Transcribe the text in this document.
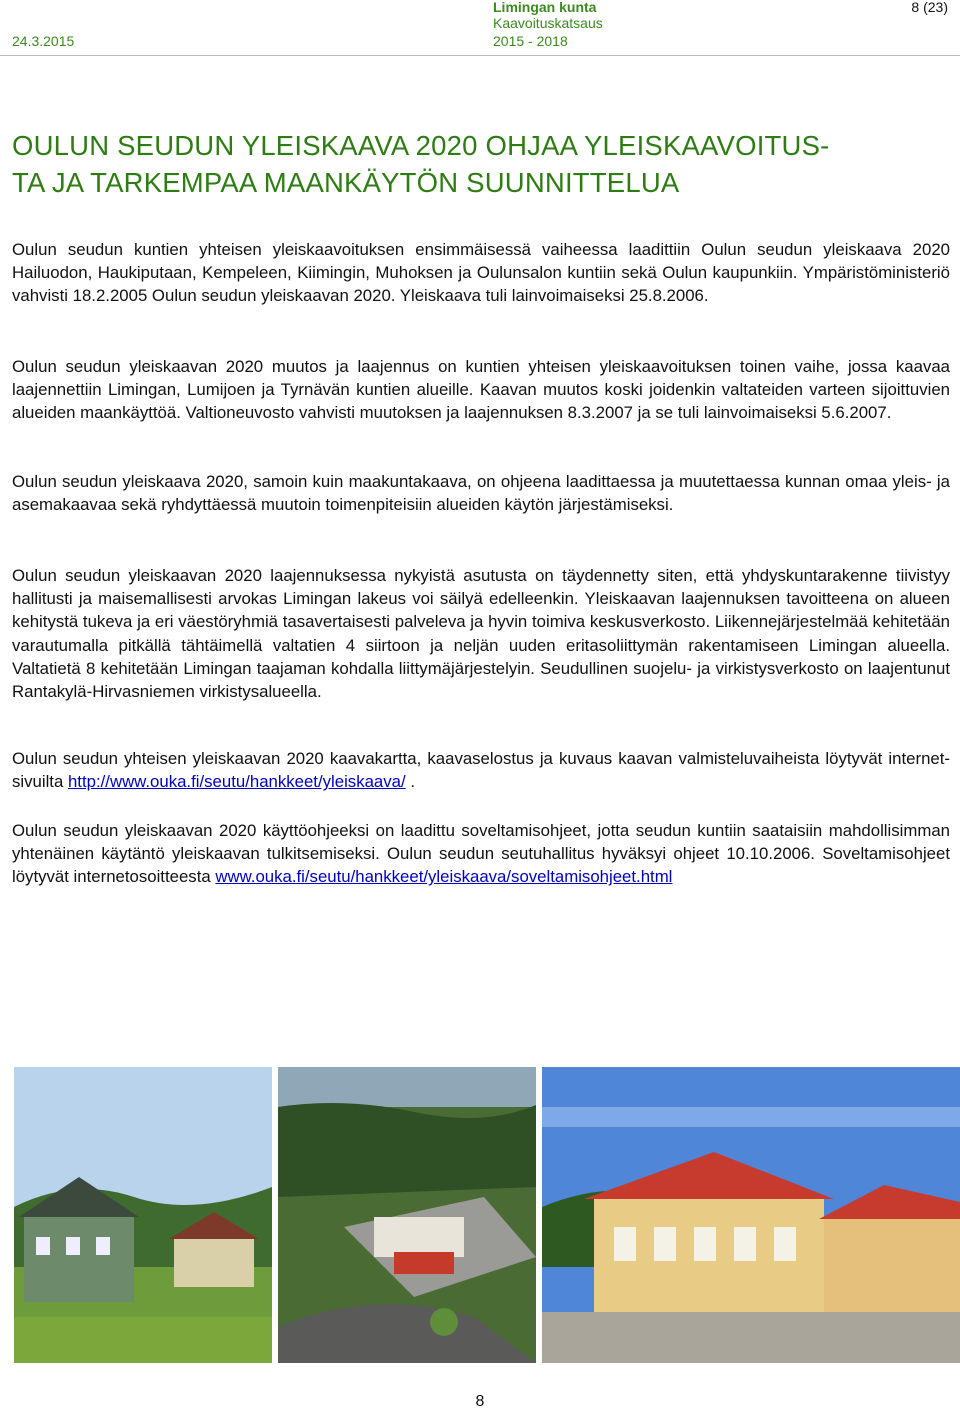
24.3.2015
Limingan kunta
Kaavoituskatsaus
2015 - 2018
8 (23)
OULUN SEUDUN YLEISKAAVA 2020 OHJAA YLEISKAAVOITUS-
TA JA TARKEMPAA MAANKÄYTÖN SUUNNITTELUA

Oulun seudun kuntien yhteisen yleiskaavoituksen ensimmäisessä vaiheessa laadittiin Oulun seudun yleiskaava 2020 Hailuodon, Haukiputaan, Kempeleen, Kiimingin, Muhoksen ja Oulunsalon kuntiin sekä Oulun kaupunkiin. Ympäristöministeriö vahvisti 18.2.2005 Oulun seudun yleiskaavan 2020. Yleiskaava tuli lainvoimaiseksi 25.8.2006.

Oulun seudun yleiskaavan 2020 muutos ja laajennus on kuntien yhteisen yleiskaavoituksen toinen vaihe, jossa kaavaa laajennettiin Limingan, Lumijoen ja Tyrnävän kuntien alueille. Kaavan muutos koski joidenkin valtateiden varteen sijoittuvien alueiden maankäyttöä. Valtioneuvosto vahvisti muutoksen ja laajennuksen 8.3.2007 ja se tuli lainvoimaiseksi 5.6.2007.

Oulun seudun yleiskaava 2020, samoin kuin maakuntakaava, on ohjeena laadittaessa ja muutettaessa kunnan omaa yleis- ja asemakaavaa sekä ryhdyttäessä muutoin toimenpiteisiin alueiden käytön järjestämiseksi.

Oulun seudun yleiskaavan 2020 laajennuksessa nykyistä asutusta on täydennetty siten, että yhdyskuntarakenne tiivistyy hallitusti ja maisemallisesti arvokas Limingan lakeus voi säilyä edelleenkin. Yleiskaavan laajennuksen tavoitteena on alueen kehitystä tukeva ja eri väestöryhmiä tasavertaisesti palveleva ja hyvin toimiva keskusverkosto. Liikennejärjestelmää kehitetään varautumalla pitkällä tähtäimellä valtatien 4 siirtoon ja neljän uuden eritasoliittymän rakentamiseen Limingan alueella. Valtatietä 8 kehitetään Limingan taajaman kohdalla liittymäjärjestelyin. Seudullinen suojelu- ja virkistysverkosto on laajentunut Rantakylä-Hirvasniemen virkistysalueella.

Oulun seudun yhteisen yleiskaavan 2020 kaavakartta, kaavaselostus ja kuvaus kaavan valmisteluvaiheista löytyvät internet-sivuilta http://www.ouka.fi/seutu/hankkeet/yleiskaava/ .

Oulun seudun yleiskaavan 2020 käyttöohjeeksi on laadittu soveltamisohjeet, jotta seudun kuntiin saataisiin mahdollisimman yhtenäinen käytäntö yleiskaavan tulkitsemiseksi. Oulun seudun seutuhallitus hyväksyi ohjeet 10.10.2006. Soveltamisohjeet löytyvät internetosoitteesta www.ouka.fi/seutu/hankkeet/yleiskaava/soveltamisohjeet.html

8
